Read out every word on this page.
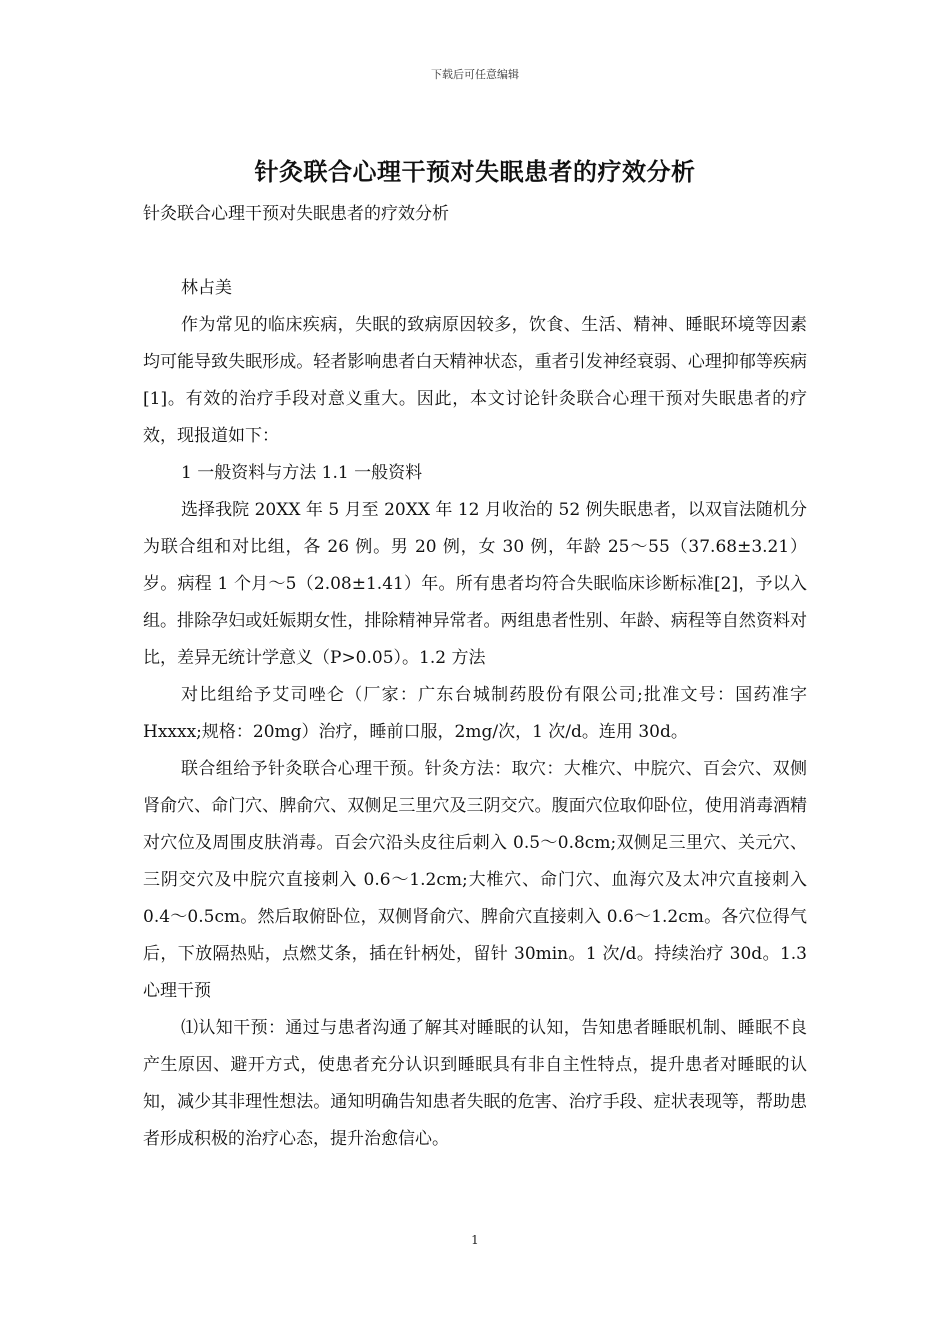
下载后可任意编辑
针灸联合心理干预对失眠患者的疗效分析

针灸联合心理干预对失眠患者的疗效分析

林占美

作为常见的临床疾病，失眠的致病原因较多，饮食、生活、精神、睡眠环境等因素均可能导致失眠形成。轻者影响患者白天精神状态，重者引发神经衰弱、心理抑郁等疾病[1]。有效的治疗手段对意义重大。因此，本文讨论针灸联合心理干预对失眠患者的疗效，现报道如下：

1 一般资料与方法 1.1 一般资料

选择我院 20XX 年 5 月至 20XX 年 12 月收治的 52 例失眠患者，以双盲法随机分为联合组和对比组，各 26 例。男 20 例，女 30 例，年龄 25～55（37.68±3.21）岁。病程 1 个月～5（2.08±1.41）年。所有患者均符合失眠临床诊断标准[2]，予以入组。排除孕妇或妊娠期女性，排除精神异常者。两组患者性别、年龄、病程等自然资料对比，差异无统计学意义（P>0.05）。1.2 方法

对比组给予艾司唑仑（厂家：广东台城制药股份有限公司;批准文号：国药准字 Hxxxx;规格：20mg）治疗，睡前口服，2mg/次，1 次/d。连用 30d。

联合组给予针灸联合心理干预。针灸方法：取穴：大椎穴、中脘穴、百会穴、双侧肾俞穴、命门穴、脾俞穴、双侧足三里穴及三阴交穴。腹面穴位取仰卧位，使用消毒酒精对穴位及周围皮肤消毒。百会穴沿头皮往后刺入 0.5～0.8cm;双侧足三里穴、关元穴、三阴交穴及中脘穴直接刺入 0.6～1.2cm;大椎穴、命门穴、血海穴及太冲穴直接刺入 0.4～0.5cm。然后取俯卧位，双侧肾俞穴、脾俞穴直接刺入 0.6～1.2cm。各穴位得气后，下放隔热贴，点燃艾条，插在针柄处，留针 30min。1 次/d。持续治疗 30d。1.3 心理干预

⑴认知干预：通过与患者沟通了解其对睡眠的认知，告知患者睡眠机制、睡眠不良产生原因、避开方式，使患者充分认识到睡眠具有非自主性特点，提升患者对睡眠的认知，减少其非理性想法。通知明确告知患者失眠的危害、治疗手段、症状表现等，帮助患者形成积极的治疗心态，提升治愈信心。

1
